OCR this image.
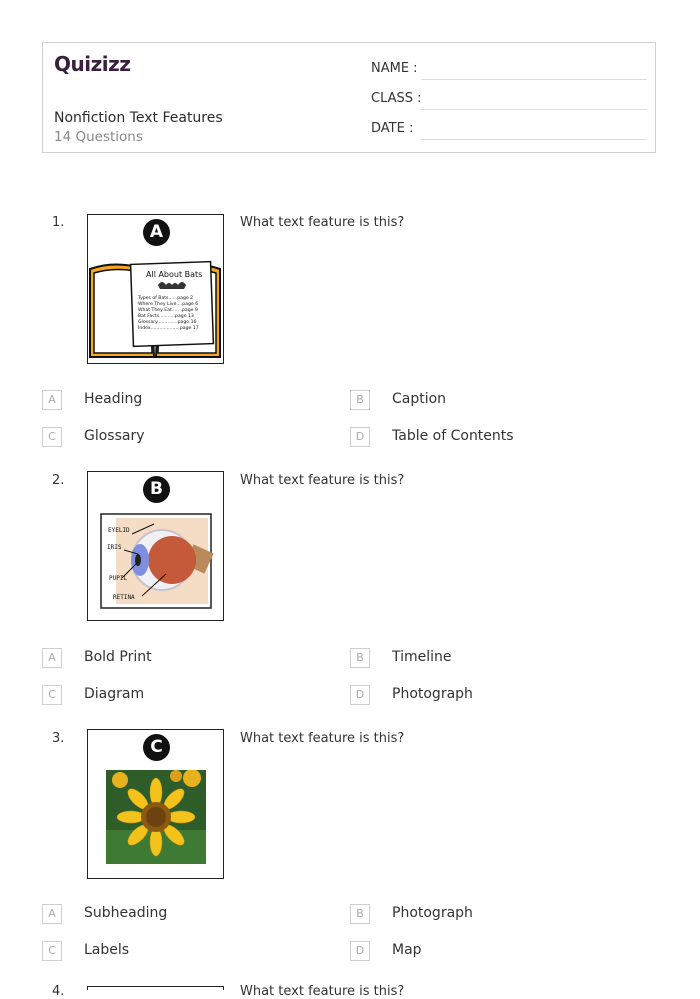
Quizizz
Nonfiction Text Features
14 Questions
NAME :
CLASS :
DATE :
1.	A
All About Bats
Types of Bats......page 2
Where They Live....page 6
What They Eat.......page 9
Bat Facts...........page 13
Glossary..............page 16
Index....................page 17
What text feature is this?
A	Heading	B	Caption
C	Glossary	D	Table of Contents
2.	B
EYELID
IRIS
PUPIL
RETINA
What text feature is this?
A	Bold Print	B	Timeline
C	Diagram	D	Photograph
3.	C	What text feature is this?
A	Subheading	B	Photograph
C	Labels	D	Map
4.	What text feature is this?
